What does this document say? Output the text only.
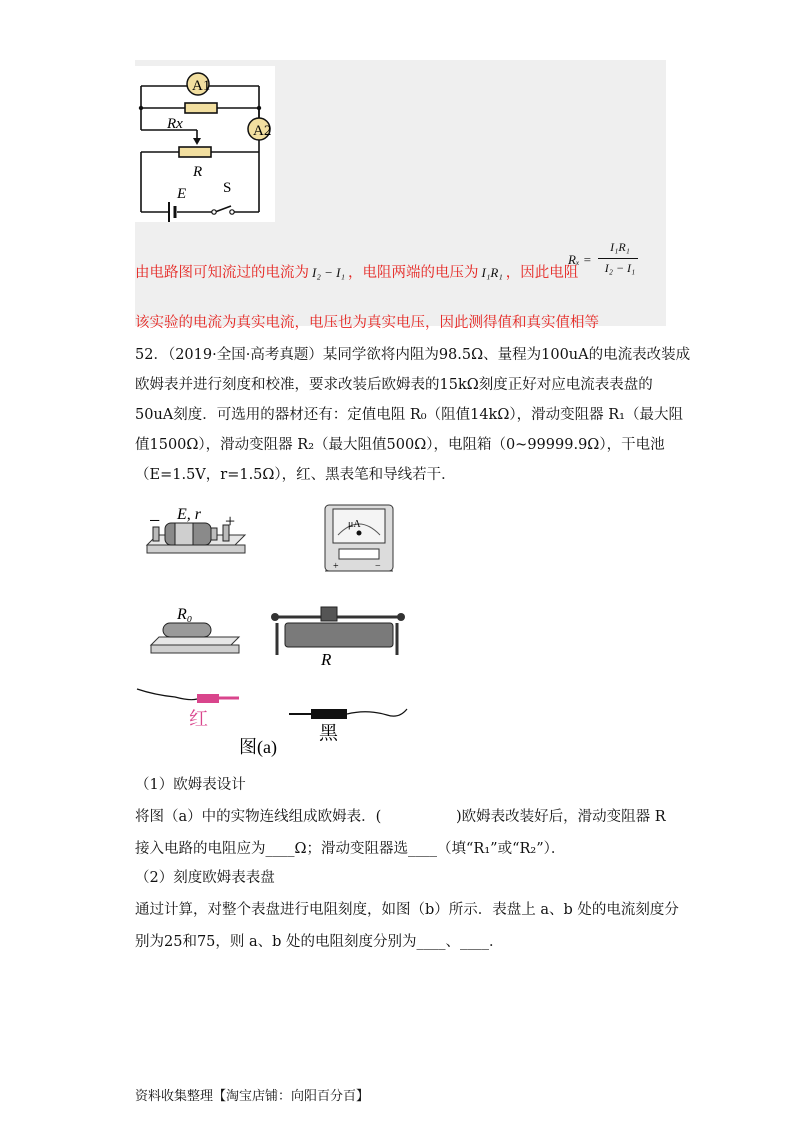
A1
A2
Rx
R
E S
Rₓ =
I₁R₁
I₂ − I₁
由电路图可知流过的电流为 I₂ − I₁ ，电阻两端的电压为 I₁R₁ ，因此电阻
该实验的电流为真实电流，电压也为真实电压，因此测得值和真实值相等
52．（2019·全国·高考真题）某同学欲将内阻为98.5Ω、量程为100uA的电流表改装成
欧姆表并进行刻度和校准，要求改装后欧姆表的15kΩ刻度正好对应电流表表盘的
50uA刻度．可选用的器材还有：定值电阻 R₀（阻值14kΩ），滑动变阻器 R₁（最大阻
值1500Ω），滑动变阻器 R₂（最大阻值500Ω），电阻箱（0~99999.9Ω），干电池
（E=1.5V，r=1.5Ω），红、黑表笔和导线若干．
−	+
E, r
μA
+	−
R₀
R
红
黑
图(a)
（1）欧姆表设计
将图（a）中的实物连线组成欧姆表．(	)欧姆表改装好后，滑动变阻器 R
接入电路的电阻应为____Ω；滑动变阻器选____（填“R₁”或“R₂”）．
（2）刻度欧姆表表盘
通过计算，对整个表盘进行电阻刻度，如图（b）所示．表盘上 a、b 处的电流刻度分
别为25和75，则 a、b 处的电阻刻度分别为____、____．
资料收集整理【淘宝店铺：向阳百分百】
